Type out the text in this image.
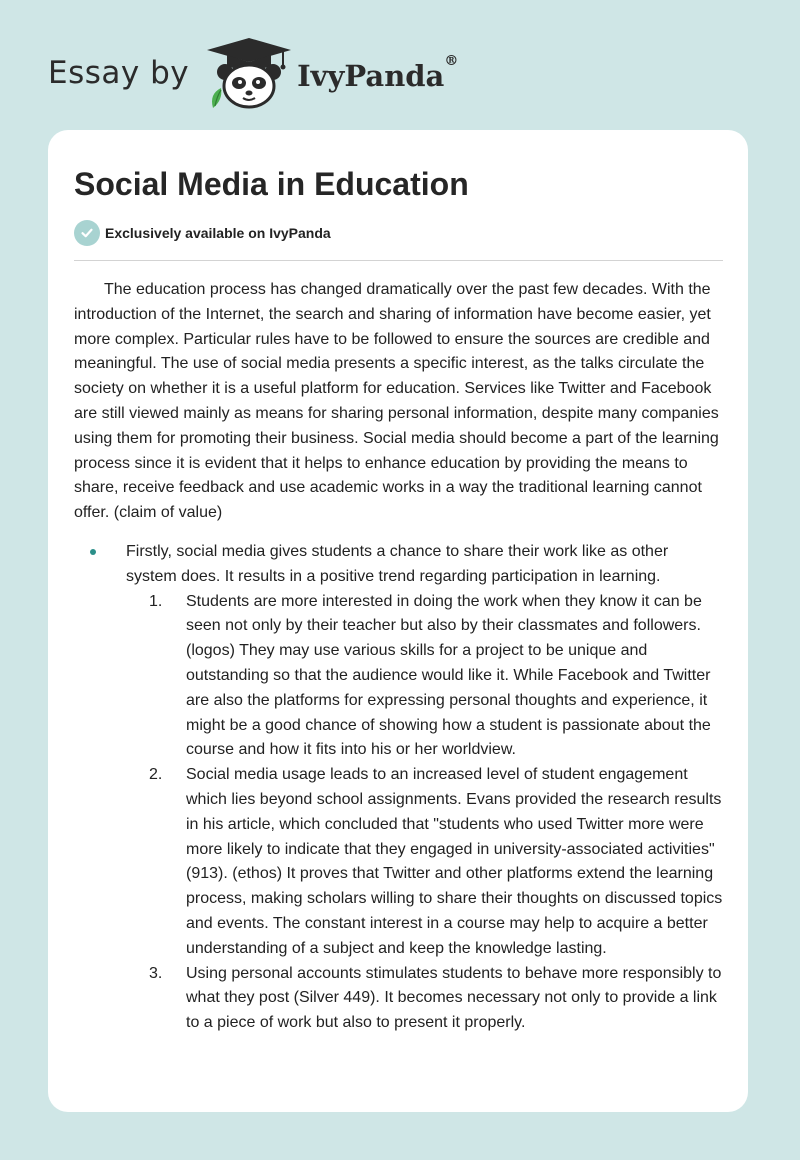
Essay by	IvyPanda®
Social Media in Education
Exclusively available on IvyPanda

The education process has changed dramatically over the past few decades. With the introduction of the Internet, the search and sharing of information have become easier, yet more complex. Particular rules have to be followed to ensure the sources are credible and meaningful. The use of social media presents a specific interest, as the talks circulate the society on whether it is a useful platform for education. Services like Twitter and Facebook are still viewed mainly as means for sharing personal information, despite many companies using them for promoting their business. Social media should become a part of the learning process since it is evident that it helps to enhance education by providing the means to share, receive feedback and use academic works in a way the traditional learning cannot offer. (claim of value)

Firstly, social media gives students a chance to share their work like as other system does. It results in a positive trend regarding participation in learning.
1. Students are more interested in doing the work when they know it can be seen not only by their teacher but also by their classmates and followers. (logos) They may use various skills for a project to be unique and outstanding so that the audience would like it. While Facebook and Twitter are also the platforms for expressing personal thoughts and experience, it might be a good chance of showing how a student is passionate about the course and how it fits into his or her worldview.
2. Social media usage leads to an increased level of student engagement which lies beyond school assignments. Evans provided the research results in his article, which concluded that "students who used Twitter more were more likely to indicate that they engaged in university-associated activities" (913). (ethos) It proves that Twitter and other platforms extend the learning process, making scholars willing to share their thoughts on discussed topics and events. The constant interest in a course may help to acquire a better understanding of a subject and keep the knowledge lasting.
3. Using personal accounts stimulates students to behave more responsibly to what they post (Silver 449). It becomes necessary not only to provide a link to a piece of work but also to present it properly.
